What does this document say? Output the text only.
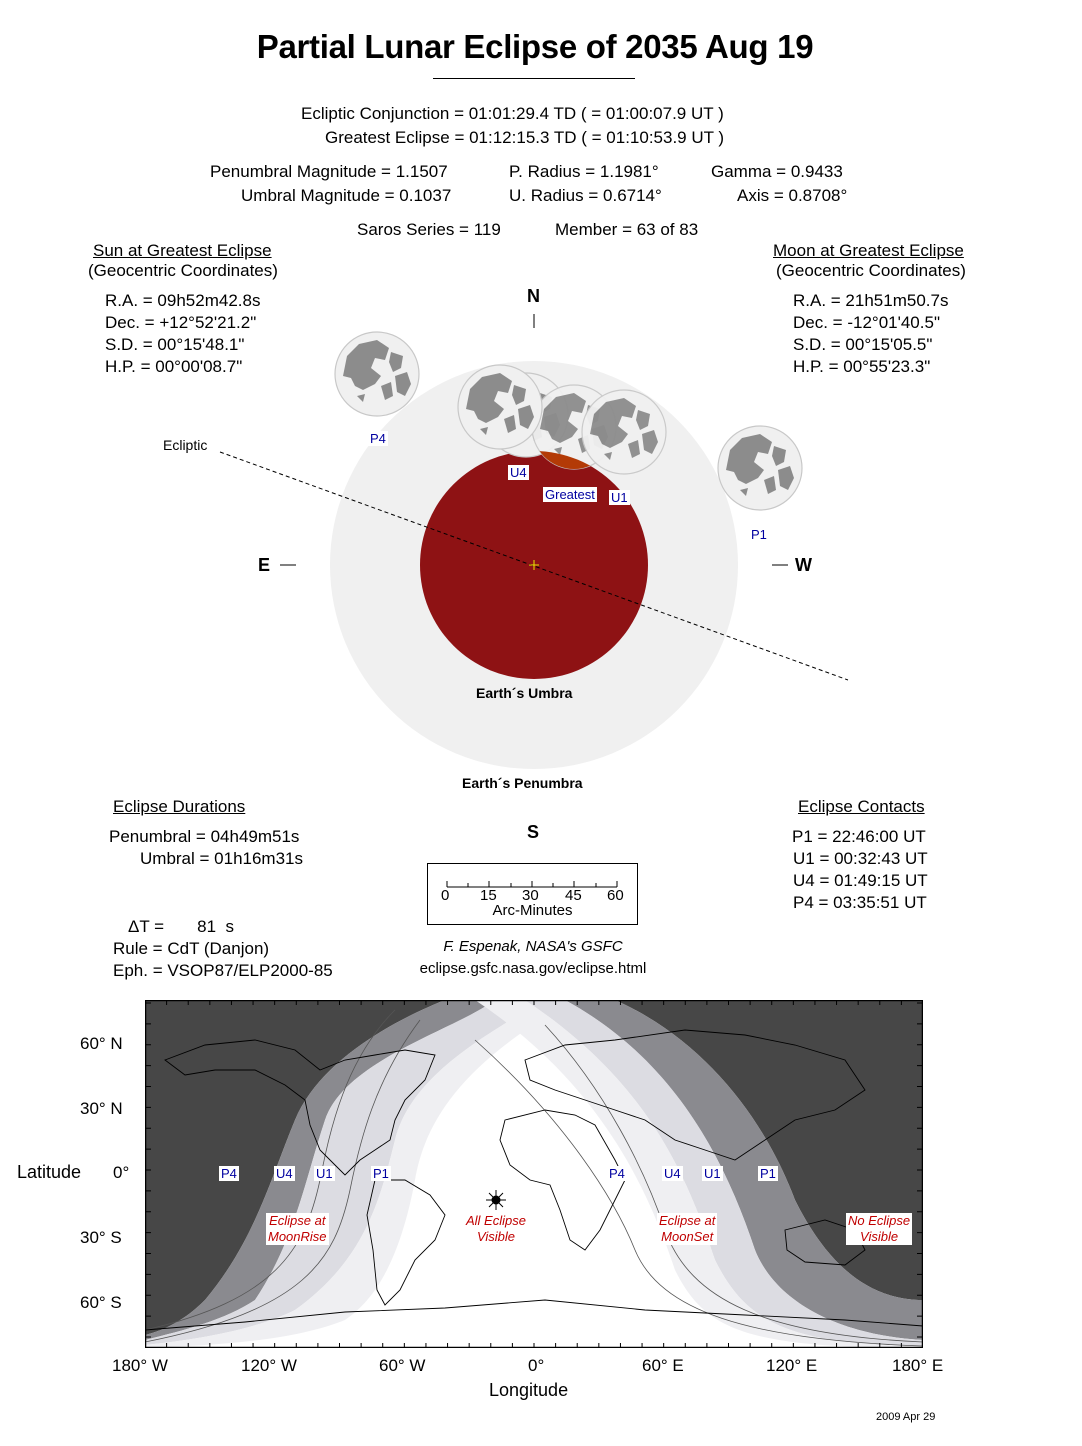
Partial Lunar Eclipse of 2035 Aug 19
Ecliptic Conjunction = 01:01:29.4 TD ( = 01:00:07.9 UT )
Greatest Eclipse = 01:12:15.3 TD ( = 01:10:53.9 UT )
Penumbral Magnitude = 1.1507
Umbral Magnitude = 0.1037
P. Radius = 1.1981°
U. Radius = 0.6714°
Gamma = 0.9433
Axis = 0.8708°
Saros Series = 119	Member = 63 of 83
Sun at Greatest Eclipse
(Geocentric Coordinates)
R.A. = 09h52m42.8s
Dec. = +12°52'21.2"
S.D. = 00°15'48.1"
H.P. = 00°00'08.7"
Moon at Greatest Eclipse
(Geocentric Coordinates)
R.A. = 21h51m50.7s
Dec. = -12°01'40.5"
S.D. = 00°15'05.5"
H.P. = 00°55'23.3"
N
S
E	W
Ecliptic	P4
U4
Greatest U1
P1
Earth´s Umbra
Earth´s Penumbra
Eclipse Durations
Penumbral = 04h49m51s
Umbral = 01h16m31s
ΔT =       81  s
Rule = CdT (Danjon)
Eph. = VSOP87/ELP2000-85
0 15 30 45 60
Arc-Minutes
F. Espenak, NASA's GSFC
eclipse.gsfc.nasa.gov/eclipse.html
Eclipse Contacts
P1 = 22:46:00 UT
U1 = 00:32:43 UT
U4 = 01:49:15 UT
P4 = 03:35:51 UT
P4	U4 U1	P1	P4	U4 U1	P1
Eclipse at
MoonRise
All Eclipse
Visible
Eclipse at
MoonSet
No Eclipse
Visible
Latitude
60° N
30° N
0°
30° S
60° S
180° W	120° W	60° W	0°	60° E	120° E	180° E
Longitude
2009 Apr 29
